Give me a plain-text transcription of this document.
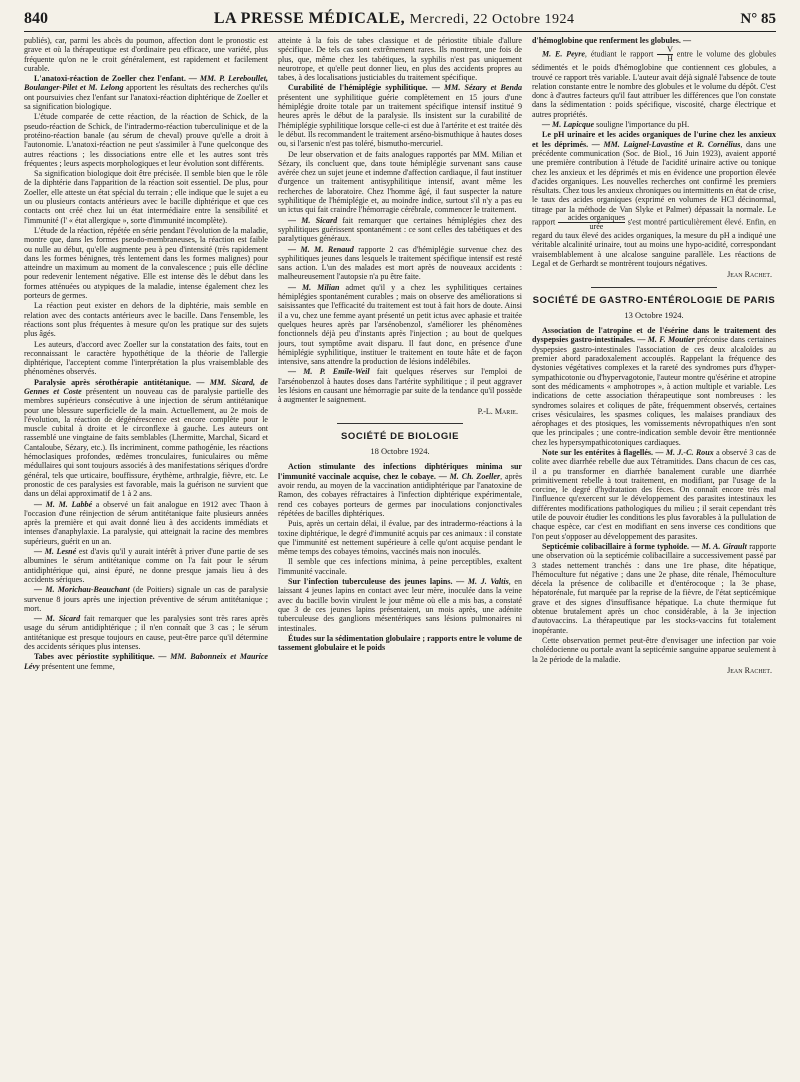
840	LA PRESSE MÉDICALE, Mercredi, 22 Octobre 1924	N° 85

publiés), car, parmi les abcès du poumon, affection dont le pronostic est grave et où la thérapeutique est d'ordinaire peu efficace, une variété, plus fréquente qu'on ne le croit généralement, est rapidement et facilement curable.

L'anatoxi-réaction de Zoeller chez l'enfant. — MM. P. Lereboullet, Boulanger-Pilet et M. Lelong apportent les résultats des recherches qu'ils ont poursuivies chez l'enfant sur l'anatoxi-réaction diphtérique de Zoeller et sa signification biologique.

L'étude comparée de cette réaction, de la réaction de Schick, de la pseudo-réaction de Schick, de l'intradermo-réaction tuberculinique et de la protéino-réaction banale (au sérum de cheval) prouve qu'elle a droit à l'autonomie. L'anatoxi-réaction ne peut s'assimiler à l'une quelconque des autres réactions ; les dissociations entre elle et les autres sont très fréquentes ; leurs aspects morphologiques et leur évolution sont différents.

Sa signification biologique doit être précisée. Il semble bien que le rôle de la diphtérie dans l'apparition de la réaction soit essentiel. De plus, pour Zoeller, elle atteste un état spécial du terrain ; elle indique que le sujet a eu un ou plusieurs contacts antérieurs avec le bacille diphtérique et que ces contacts ont créé chez lui un état intermédiaire entre la sensibilité et l'immunité (l' « état allergique », sorte d'immunité incomplète).

L'étude de la réaction, répétée en série pendant l'évolution de la maladie, montre que, dans les formes pseudo-membraneuses, la réaction est faible ou nulle au début, qu'elle augmente peu à peu d'intensité (très rapidement dans les formes bénignes, très lentement dans les formes malignes) pour atteindre un maximum au moment de la convalescence ; puis elle décline pour redevenir lentement négative. Elle est intense dès le début dans les formes atténuées ou atypiques de la maladie, intense également chez les porteurs de germes.

La réaction peut exister en dehors de la diphtérie, mais semble en relation avec des contacts antérieurs avec le bacille. Dans l'ensemble, les réactions sont plus fréquentes à mesure qu'on les pratique sur des sujets plus âgés.

Les auteurs, d'accord avec Zoeller sur la constatation des faits, tout en reconnaissant le caractère hypothétique de la théorie de l'allergie diphtérique, l'acceptent comme l'interprétation la plus vraisemblable des phénomènes observés.

Paralysie après sérothérapie antitétanique. — MM. Sicard, de Gennes et Coste présentent un nouveau cas de paralysie partielle des membres supérieurs consécutive à une injection de sérum antitétanique pour une blessure superficielle de la main. Actuellement, au 2e mois de l'évolution, la réaction de dégénérescence est encore complète pour le muscle cubital à droite et le circonflexe à gauche. Les auteurs ont rassemblé une vingtaine de faits semblables (Lhermitte, Marchal, Sicard et Cantaloube, Sézary, etc.). Ils incriminent, comme pathogénie, les réactions hémoclasiques profondes, œdèmes tronculaires, funiculaires ou même médullaires qui sont toujours associés à des manifestations sériques d'ordre général, tels que urticaire, bouffissure, érythème, arthralgie, fièvre, etc. Le pronostic de ces paralysies est favorable, mais la guérison ne survient que dans un délai approximatif de 1 à 2 ans.

— M. M. Labbé a observé un fait analogue en 1912 avec Thaon à l'occasion d'une réinjection de sérum antitétanique faite plusieurs années après la première et qui avait donné lieu à des accidents immédiats et intenses d'anaphylaxie. La paralysie, qui atteignait la racine des membres supérieurs, guérit en un an.

— M. Lesné est d'avis qu'il y aurait intérêt à priver d'une partie de ses albumines le sérum antitétanique comme on l'a fait pour le sérum antidiphtérique qui, ainsi épuré, ne donne presque jamais lieu à des accidents sériques.

— M. Morichau-Beauchant (de Poitiers) signale un cas de paralysie survenue 8 jours après une injection préventive de sérum antitétanique ; mort.

— M. Sicard fait remarquer que les paralysies sont très rares après usage du sérum antidiphtérique ; il n'en connaît que 3 cas ; le sérum antitétanique est presque toujours en cause, peut-être parce qu'il détermine des accidents sériques plus intenses.

Tabes avec périostite syphilitique. — MM. Babonneix et Maurice Lévy présentent une femme,

atteinte à la fois de tabes classique et de périostite tibiale d'allure spécifique. De tels cas sont extrêmement rares. Ils montrent, une fois de plus, que, même chez les tabétiques, la syphilis n'est pas uniquement neurotrope, et qu'elle peut donner lieu, en plus des accidents propres au tabes, à des localisations justiciables du traitement spécifique.

Curabilité de l'hémiplégie syphilitique. — MM. Sézary et Benda présentent une syphilitique guérie complètement en 15 jours d'une hémiplégie droite totale par un traitement spécifique intensif institué 9 heures après le début de la paralysie. Ils insistent sur la curabilité de l'hémiplégie syphilitique lorsque celle-ci est due à l'artérite et est traitée dès le début. Ils recommandent le traitement arséno-bismuthique à hautes doses ou, si l'arsenic n'est pas toléré, bismutho-mercuriel.

De leur observation et de faits analogues rapportés par MM. Milian et Sézary, ils concluent que, dans toute hémiplégie survenant sans cause avérée chez un sujet jeune et indemne d'affection cardiaque, il faut instituer d'urgence un traitement antisyphilitique intensif, avant même les recherches de laboratoire. Chez l'homme âgé, il faut suspecter la nature syphilitique de l'hémiplégie et, au moindre indice, surtout s'il n'y a pas eu un ictus qui fait craindre l'hémorragie cérébrale, commencer le traitement.

— M. Sicard fait remarquer que certaines hémiplégies chez des syphilitiques guérissent spontanément : ce sont celles des tabétiques et des paralytiques généraux.

— M. M. Renaud rapporte 2 cas d'hémiplégie survenue chez des syphilitiques jeunes dans lesquels le traitement spécifique intensif est resté sans action. L'un des malades est mort après de nouveaux accidents : malheureusement l'autopsie n'a pu être faite.

— M. Milian admet qu'il y a chez les syphilitiques certaines hémiplégies spontanément curables ; mais on observe des améliorations si saisissantes que l'efficacité du traitement est tout à fait hors de doute. Ainsi il a vu, chez une femme ayant présenté un petit ictus avec aphasie et traitée quelques heures après par l'arsénobenzol, s'améliorer les phénomènes fonctionnels déjà peu d'instants après l'injection ; au bout de quelques jours, tout symptôme avait disparu. Il faut donc, en présence d'une hémiplégie syphilitique, instituer le traitement en toute hâte et de façon intensive, sans attendre la production de lésions indélébiles.

— M. P. Emile-Weil fait quelques réserves sur l'emploi de l'arsénobenzol à hautes doses dans l'artérite syphilitique ; il peut aggraver les lésions en causant une hémorragie par suite de la tendance qu'il possède à augmenter le saignement.

P.-L. Marie.

SOCIÉTÉ DE BIOLOGIE
18 Octobre 1924.

Action stimulante des infections diphtériques minima sur l'immunité vaccinale acquise, chez le cobaye. — M. Ch. Zoeller, après avoir rendu, au moyen de la vaccination antidiphtérique par l'anatoxine de Ramon, des cobayes réfractaires à l'infection diphtérique expérimentale, rend ces cobayes porteurs de germes par inoculations conjonctivales répétées de bacilles diphtériques.

Puis, après un certain délai, il évalue, par des intradermo-réactions à la toxine diphtérique, le degré d'immunité acquis par ces animaux : il constate que l'immunité est nettement supérieure à celle qu'ont acquise pendant le même temps des cobayes témoins, vaccinés mais non inoculés.

Il semble que ces infections minima, à peine perceptibles, exaltent l'immunité vaccinale.

Sur l'infection tuberculeuse des jeunes lapins. — M. J. Valtis, en laissant 4 jeunes lapins en contact avec leur mère, inoculée dans la veine avec du bacille bovin virulent le jour même où elle a mis bas, a constaté que 3 de ces jeunes lapins présentaient, un mois après, une adénite tuberculeuse des ganglions mésentériques sans lésions pulmonaires ni intestinales.

Études sur la sédimentation globulaire ; rapports entre le volume de tassement globulaire et le poids

d'hémoglobine que renferment les globules. —

M. E. Peyre, étudiant le rapport $\frac{V}{H}$ entre le volume des globules sédimentés et le poids d'hémoglobine que contiennent ces globules, a trouvé ce rapport très variable. L'auteur avait déjà signalé l'absence de toute relation constante entre le nombre des globules et le volume du dépôt. C'est donc à d'autres facteurs qu'il faut attribuer les différences que l'on constate dans la sédimentation : poids spécifique, viscosité, charge électrique et autres propriétés.

— M. Lapicque souligne l'importance du pH.

Le pH urinaire et les acides organiques de l'urine chez les anxieux et les déprimés. — MM. Laignel-Lavastine et R. Cornélius, dans une précédente communication (Soc. de Biol., 16 Juin 1923), avaient apporté une première contribution à l'étude de l'acidité urinaire active ou tonique chez les anxieux et les déprimés et mis en évidence une proportion élevée d'acides organiques. Les nouvelles recherches ont confirmé les premiers résultats. Chez tous les anxieux chroniques ou intermittents en état de crise, le taux des acides organiques (exprimé en volumes de HCl décinormal, titrage par la méthode de Van Slyke et Palmer) dépassait la normale. Le rapport $\frac{\text{acides organiques}}{\text{urée}} s'est$ montré particulièrement élevé. Enfin, en regard du taux élevé des acides organiques, la mesure du pH a indiqué une véritable alcalinité urinaire, tout au moins une hypo-acidité, correspondant vraisemblablement à une alcalose sanguine parallèle. Les réactions de Legal et de Gerhardt se montrèrent toujours négatives.

Jean Rachet.

SOCIÉTÉ DE GASTRO-ENTÉROLOGIE DE PARIS
13 Octobre 1924.

Association de l'atropine et de l'ésérine dans le traitement des dyspepsies gastro-intestinales. — M. F. Moutier préconise dans certaines dyspepsies gastro-intestinales l'association de ces deux alcaloïdes au premier abord paradoxalement accouplés. Rappelant la fréquence des dystonies végétatives complexes et la rareté des syndromes purs d'hyper-sympathicotonie ou d'hypervagotonie, l'auteur montre qu'ésérine et atropine sont des médicaments « amphotropes », à action multiple et variable. Les indications de cette association thérapeutique sont nombreuses : les syndromes solaires et coliques de pâte, fréquemment observés, certaines crises vésiculaires, les spasmes coliques, les malaises prandiaux des aérophages et des ptosiques, les vomissements névropathiques n'en sont que les principales ; une contre-indication semble devoir être mentionnée chez les hypersympathicotoniques cardiaques.

Note sur les entérites à flagellés. — M. J.-C. Roux a observé 3 cas de colite avec diarrhée rebelle due aux Tétramitides. Dans chacun de ces cas, il a pu transformer en diarrhée banalement curable une diarrhée primitivement rebelle à tout traitement, en modifiant, par l'usage de la corcine, le degré d'hydratation des fèces. On connaît encore très mal l'influence qu'exercent sur le développement des parasites intestinaux les différentes modifications pathologiques du milieu ; il serait cependant très utile de pouvoir étudier les conditions les plus favorables à la pullulation de chaque espèce, car c'est en modifiant en sens inverse ces conditions que l'on peut s'opposer au développement des parasites.

Septicémie colibacillaire à forme typhoïde. — M. A. Girault rapporte une observation où la septicémie colibacillaire a successivement passé par 3 stades nettement tranchés : dans une 1re phase, dite hépatique, l'hémoculture fut négative ; dans une 2e phase, dite rénale, l'hémoculture décela la présence de colibacille et d'entérocoque ; la 3e phase, hépatorénale, fut marquée par la reprise de la fièvre, de l'état septicémique grave et des signes d'insuffisance hépatique. La chute thermique fut obtenue brutalement après un choc considérable, à la 3e injection d'autovaccins. La thérapeutique par les stocks-vaccins fut totalement inopérante.

Cette observation permet peut-être d'envisager une infection par voie cholédocienne ou portale avant la septicémie sanguine apparue seulement à la 2e période de la maladie.

Jean Rachet.
